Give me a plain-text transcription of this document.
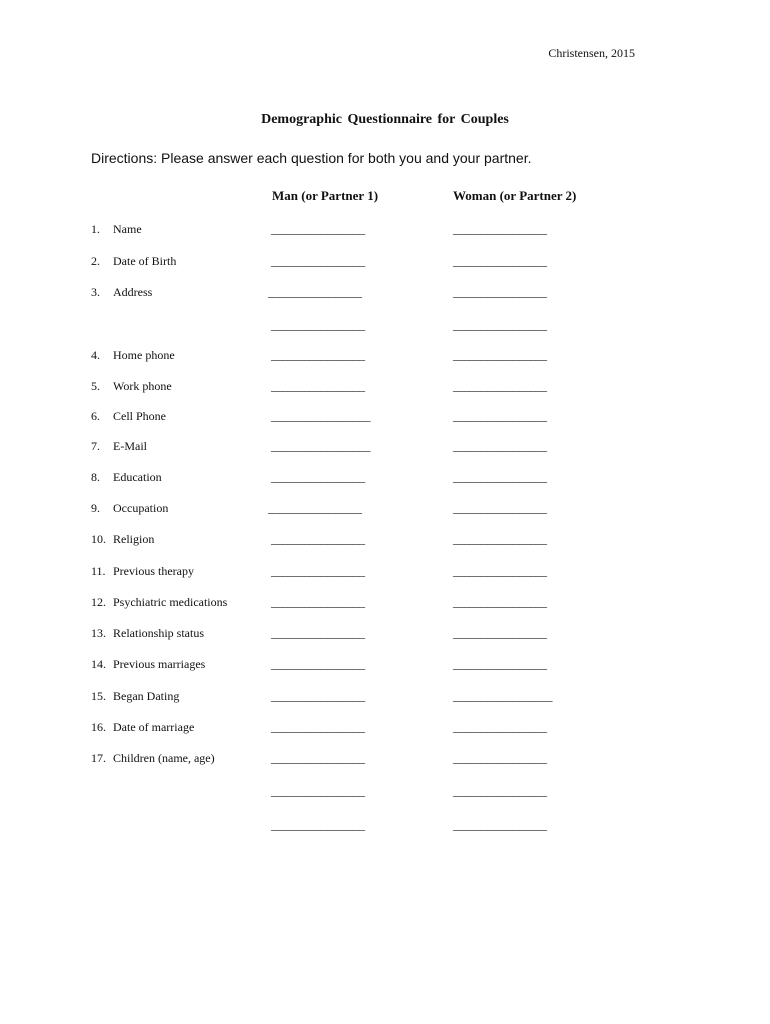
Christensen, 2015
Demographic Questionnaire for Couples
Directions: Please answer each question for both you and your partner.
Man (or Partner 1)	Woman (or Partner 2)
1. Name	_________________	_________________
2. Date of Birth	_________________	_________________
3. Address	_________________	_________________
_________________	_________________
4. Home phone	_________________	_________________
5. Work phone	_________________	_________________
6. Cell Phone	__________________	_________________
7. E-Mail	__________________	_________________
8. Education	_________________	_________________
9. Occupation	_________________	_________________
10. Religion	_________________	_________________
11. Previous therapy	_________________	_________________
12. Psychiatric medications	_________________	_________________
13. Relationship status	_________________	_________________
14. Previous marriages	_________________	_________________
15. Began Dating	_________________	__________________
16. Date of marriage	_________________	_________________
17. Children (name, age)	_________________	_________________
_________________	_________________
_________________	_________________
